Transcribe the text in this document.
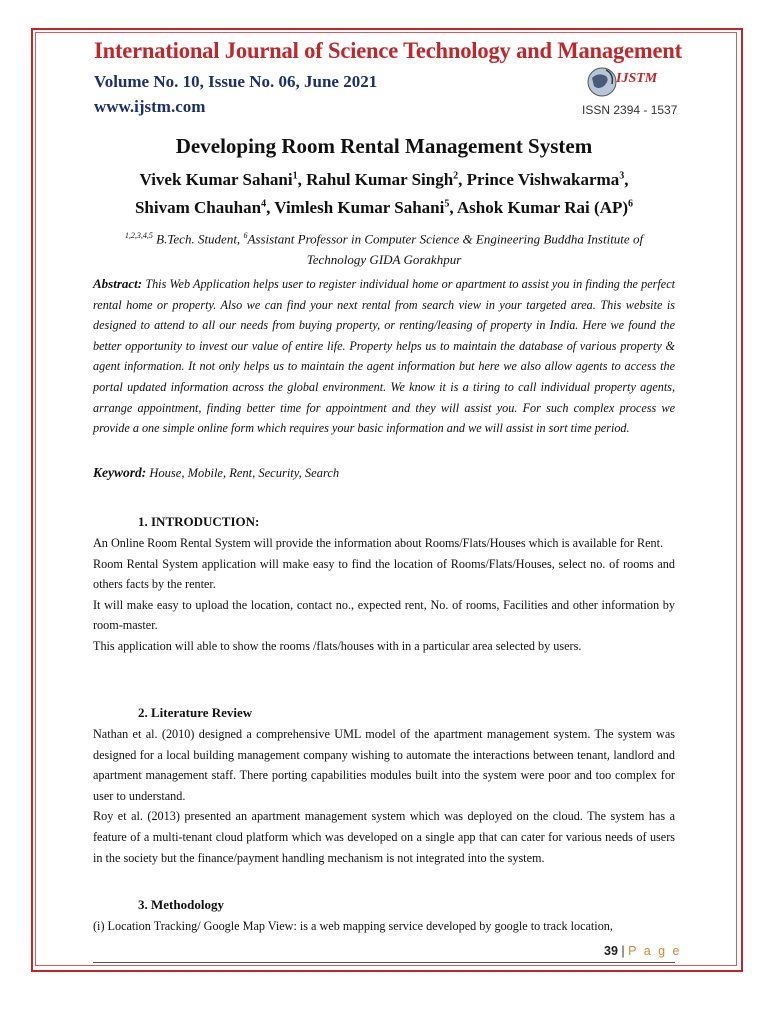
International Journal of Science Technology and Management
Volume No. 10, Issue No. 06, June 2021
www.ijstm.com
IJSTM
ISSN 2394 - 1537
Developing Room Rental Management System
Vivek Kumar Sahani$^1$, Rahul Kumar Singh$^2$, Prince Vishwakarma$^3$,
Shivam Chauhan$^4$, Vimlesh Kumar Sahani$^5$, Ashok Kumar Rai (AP)$^6$
$^{1,2,3,4,5}$ B.Tech. Student, $^6$Assistant Professor in Computer Science & Engineering Buddha Institute of
Technology GIDA Gorakhpur
Abstract: This Web Application helps user to register individual home or apartment to assist you in finding the perfect rental home or property. Also we can find your next rental from search view in your targeted area. This website is designed to attend to all our needs from buying property, or renting/leasing of property in India. Here we found the better opportunity to invest our value of entire life. Property helps us to maintain the database of various property & agent information. It not only helps us to maintain the agent information but here we also allow agents to access the portal updated information across the global environment. We know it is a tiring to call individual property agents, arrange appointment, finding better time for appointment and they will assist you. For such complex process we provide a one simple online form which requires your basic information and we will assist in sort time period.
Keyword: House, Mobile, Rent, Security, Search
1. INTRODUCTION:

An Online Room Rental System will provide the information about Rooms/Flats/Houses which is available for Rent.

Room Rental System application will make easy to find the location of Rooms/Flats/Houses, select no. of rooms and others facts by the renter.

It will make easy to upload the location, contact no., expected rent, No. of rooms, Facilities and other information by room-master.

This application will able to show the rooms /flats/houses with in a particular area selected by users.

2. Literature Review

Nathan et al. (2010) designed a comprehensive UML model of the apartment management system. The system was designed for a local building management company wishing to automate the interactions between tenant, landlord and apartment management staff. There porting capabilities modules built into the system were poor and too complex for user to understand.

Roy et al. (2013) presented an apartment management system which was deployed on the cloud. The system has a feature of a multi-tenant cloud platform which was developed on a single app that can cater for various needs of users in the society but the finance/payment handling mechanism is not integrated into the system.

3. Methodology

(i) Location Tracking/ Google Map View: is a web mapping service developed by google to track location,

39 | P a g e
